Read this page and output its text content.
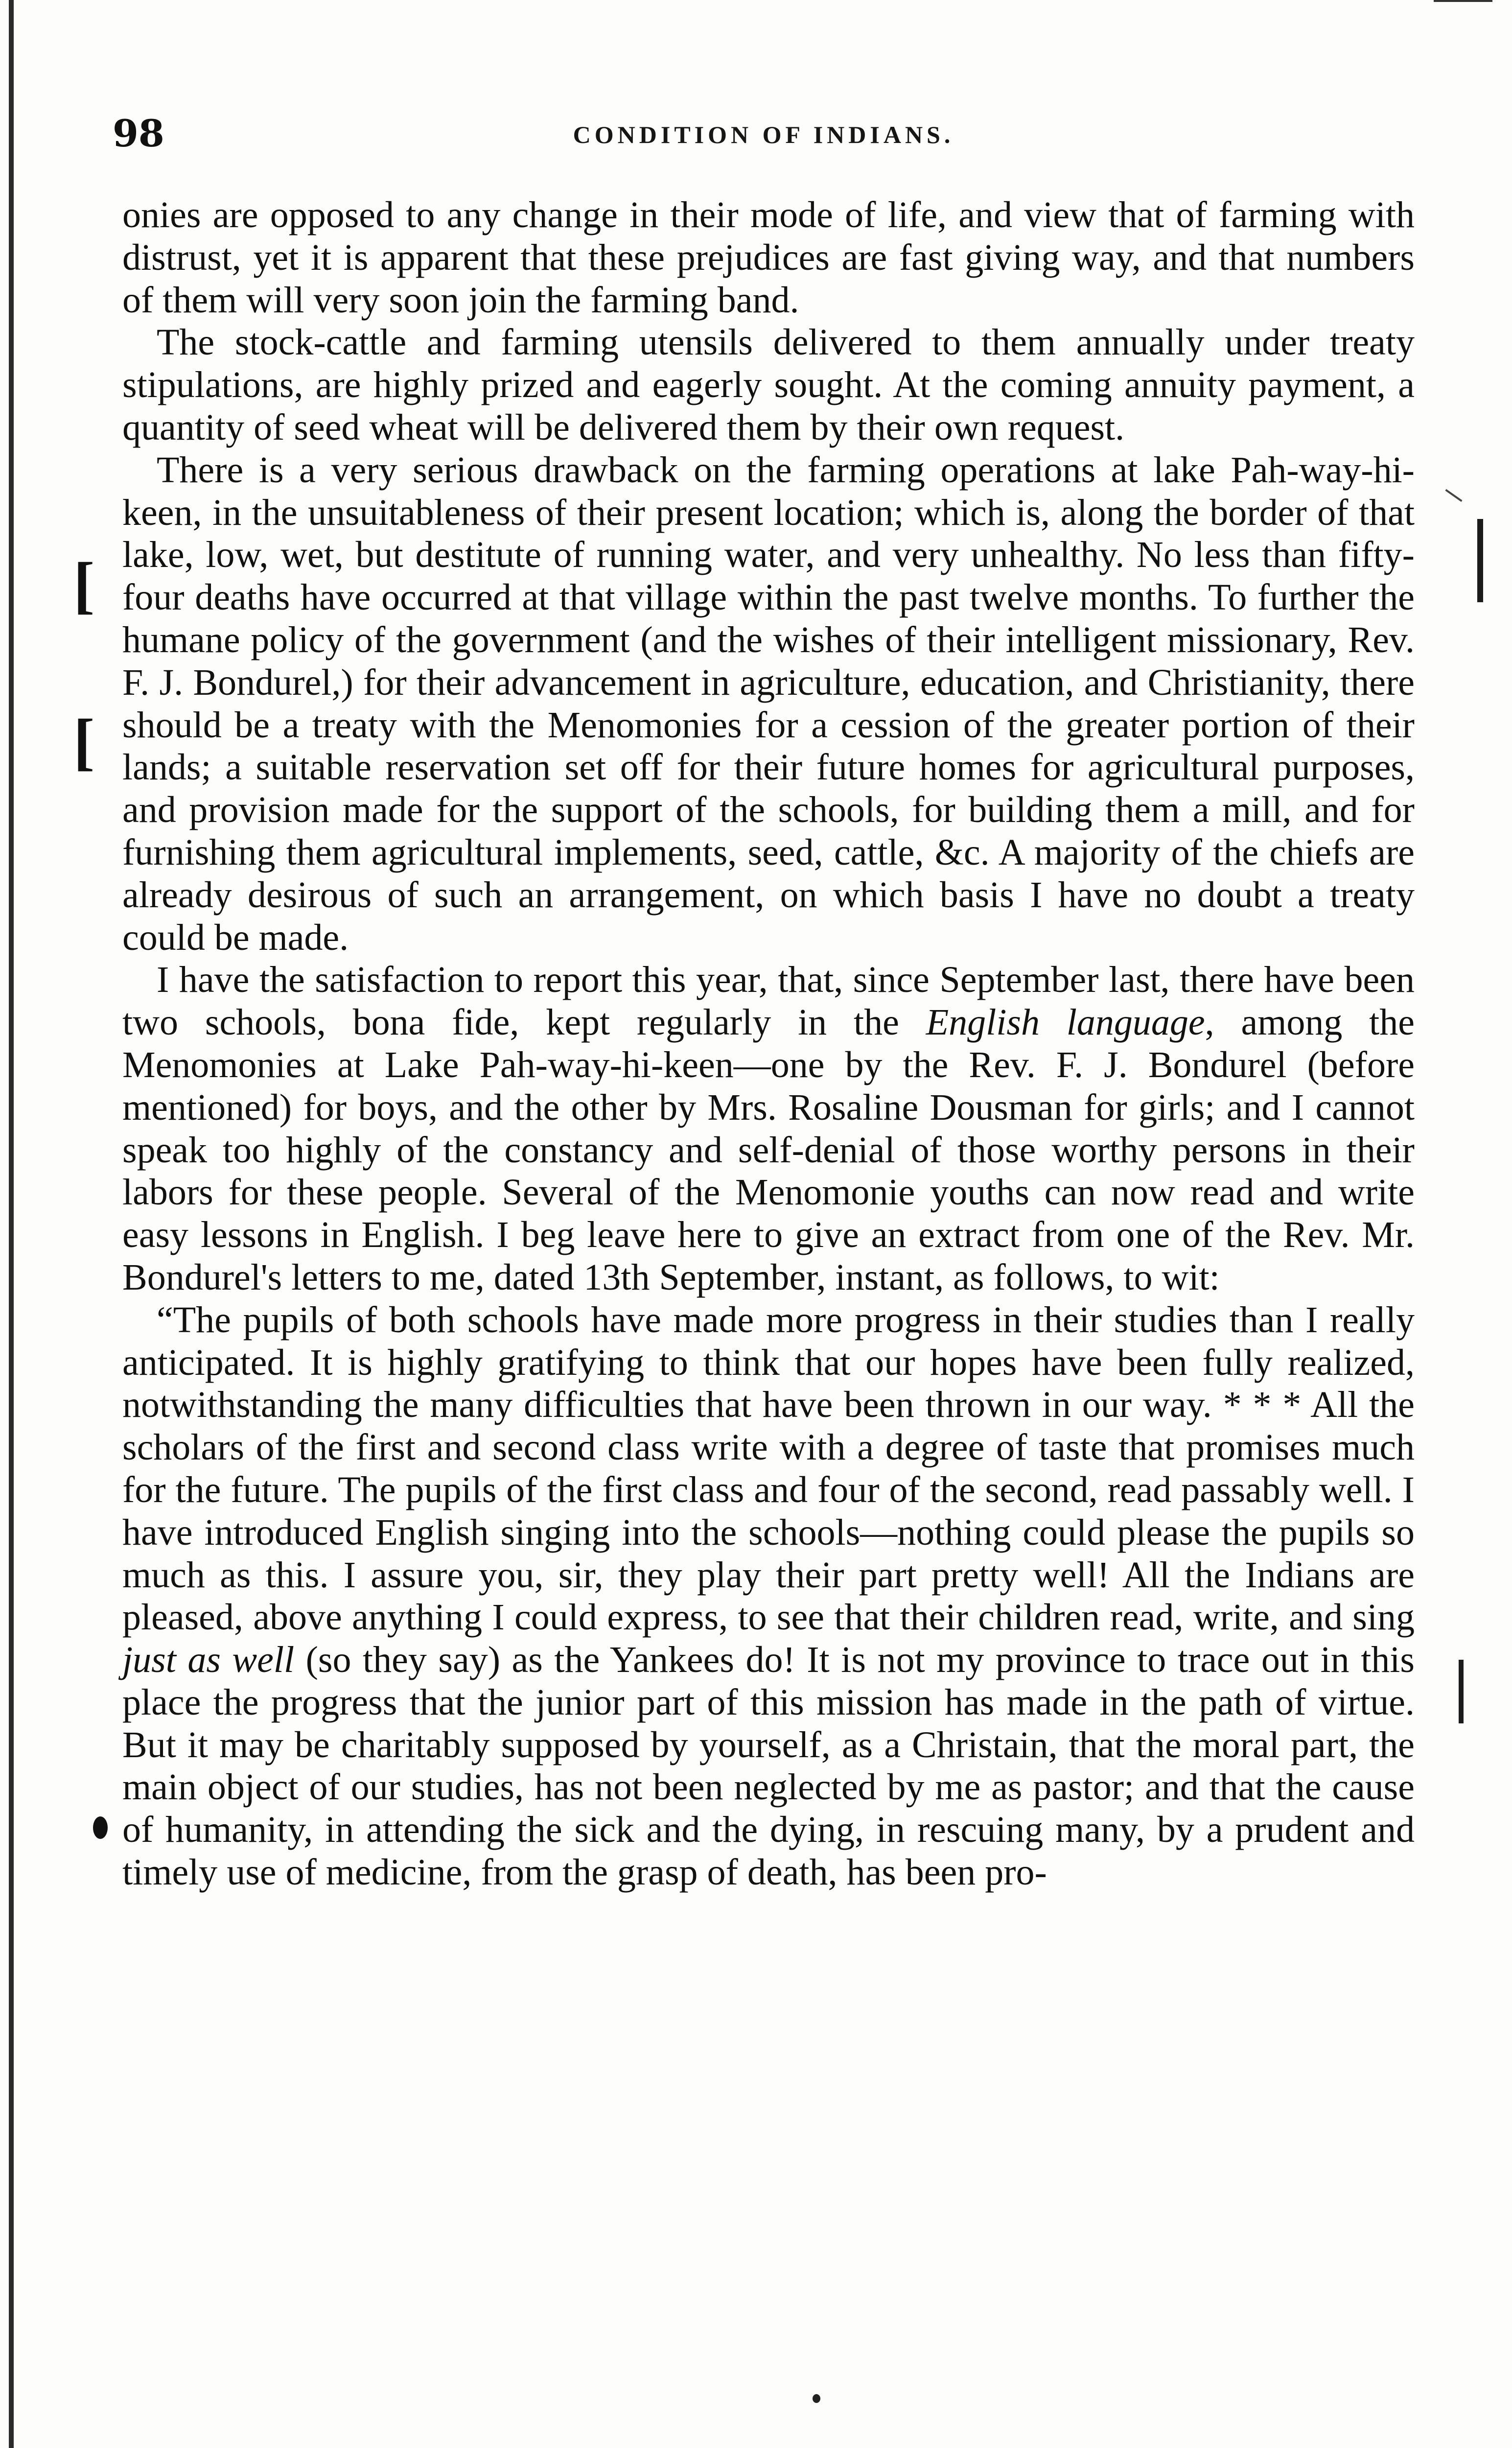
98	CONDITION OF INDIANS.

onies are opposed to any change in their mode of life, and view that of farming with distrust, yet it is apparent that these prejudices are fast giving way, and that numbers of them will very soon join the farming band.

The stock-cattle and farming utensils delivered to them annually under treaty stipulations, are highly prized and eagerly sought. At the coming annuity payment, a quantity of seed wheat will be delivered them by their own request.

There is a very serious drawback on the farming operations at lake Pah-way-hi-keen, in the unsuitableness of their present location; which is, along the border of that lake, low, wet, but destitute of running water, and very unhealthy. No less than fifty-four deaths have occurred at that village within the past twelve months. To further the humane policy of the government (and the wishes of their intelligent missionary, Rev. F. J. Bondurel,) for their advancement in agriculture, education, and Christianity, there should be a treaty with the Menomonies for a cession of the greater portion of their lands; a suitable reservation set off for their future homes for agricultural purposes, and provision made for the support of the schools, for building them a mill, and for furnishing them agricultural implements, seed, cattle, &c. A majority of the chiefs are already desirous of such an arrangement, on which basis I have no doubt a treaty could be made.

I have the satisfaction to report this year, that, since September last, there have been two schools, bona fide, kept regularly in the English language, among the Menomonies at Lake Pah-way-hi-keen—one by the Rev. F. J. Bondurel (before mentioned) for boys, and the other by Mrs. Rosaline Dousman for girls; and I cannot speak too highly of the constancy and self-denial of those worthy persons in their labors for these people. Several of the Menomonie youths can now read and write easy lessons in English. I beg leave here to give an extract from one of the Rev. Mr. Bondurel's letters to me, dated 13th September, instant, as follows, to wit:

“The pupils of both schools have made more progress in their studies than I really anticipated. It is highly gratifying to think that our hopes have been fully realized, notwithstanding the many difficulties that have been thrown in our way. * * * All the scholars of the first and second class write with a degree of taste that promises much for the future. The pupils of the first class and four of the second, read passably well. I have introduced English singing into the schools—nothing could please the pupils so much as this. I assure you, sir, they play their part pretty well! All the Indians are pleased, above anything I could express, to see that their children read, write, and sing just as well (so they say) as the Yankees do! It is not my province to trace out in this place the progress that the junior part of this mission has made in the path of virtue. But it may be charitably supposed by yourself, as a Christain, that the moral part, the main object of our studies, has not been neglected by me as pastor; and that the cause of humanity, in attending the sick and the dying, in rescuing many, by a prudent and timely use of medicine, from the grasp of death, has been pro-

[
[
